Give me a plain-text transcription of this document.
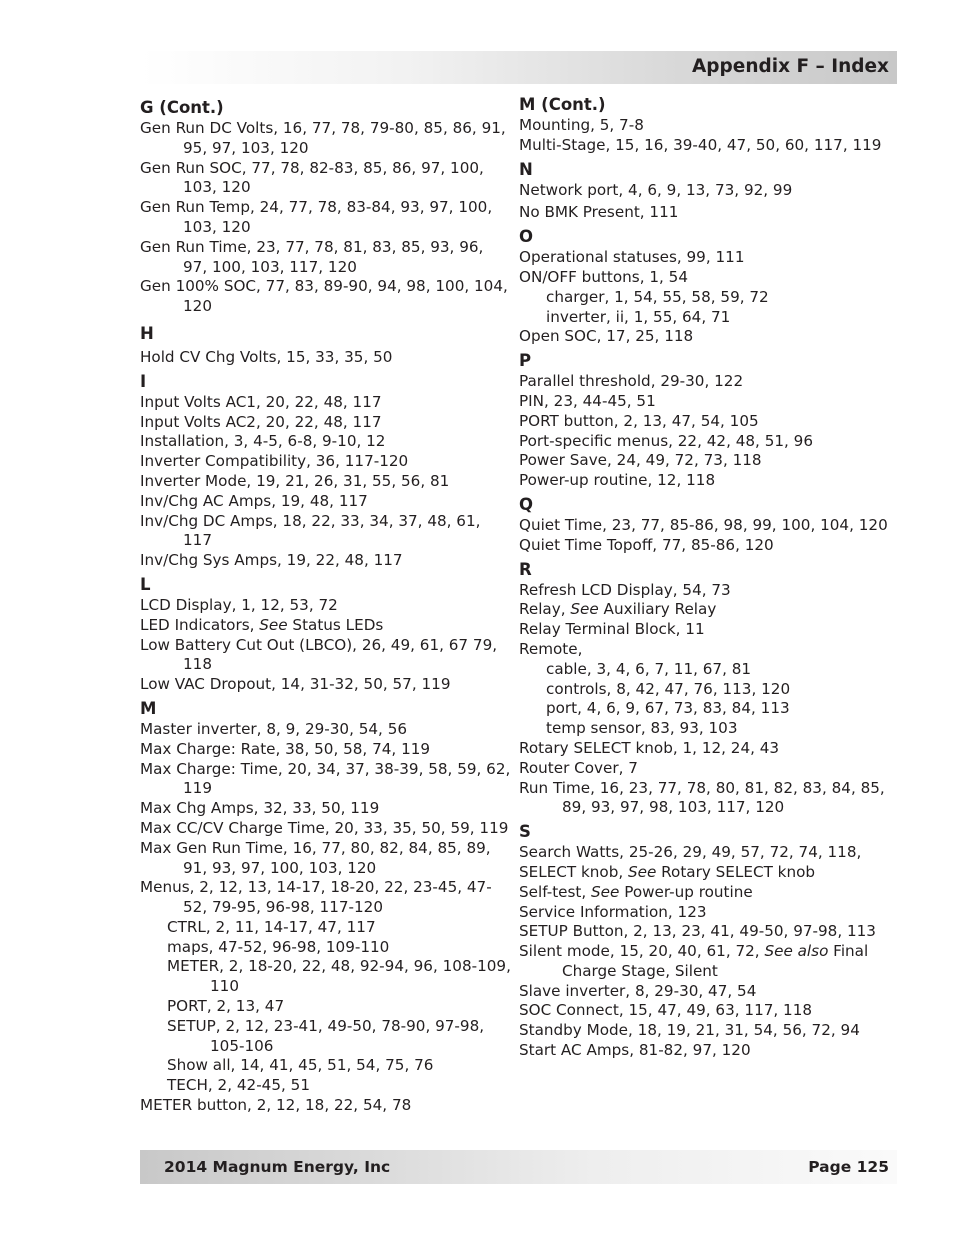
Appendix F – Index
G (Cont.)
Gen Run DC Volts, 16, 77, 78, 79-80, 85, 86, 91, 95, 97, 103, 120
Gen Run SOC, 77, 78, 82-83, 85, 86, 97, 100, 103, 120
Gen Run Temp, 24, 77, 78, 83-84, 93, 97, 100, 103, 120
Gen Run Time, 23, 77, 78, 81, 83, 85, 93, 96, 97, 100, 103, 117, 120
Gen 100% SOC, 77, 83, 89-90, 94, 98, 100, 104, 120
H
Hold CV Chg Volts, 15, 33, 35, 50
I
Input Volts AC1, 20, 22, 48, 117
Input Volts AC2, 20, 22, 48, 117
Installation, 3, 4-5, 6-8, 9-10, 12
Inverter Compatibility, 36, 117-120
Inverter Mode, 19, 21, 26, 31, 55, 56, 81
Inv/Chg AC Amps, 19, 48, 117
Inv/Chg DC Amps, 18, 22, 33, 34, 37, 48, 61, 117
Inv/Chg Sys Amps, 19, 22, 48, 117
L
LCD Display, 1, 12, 53, 72
LED Indicators, See Status LEDs
Low Battery Cut Out (LBCO), 26, 49, 61, 67 79, 118
Low VAC Dropout, 14, 31-32, 50, 57, 119
M
Master inverter, 8, 9, 29-30, 54, 56
Max Charge: Rate, 38, 50, 58, 74, 119
Max Charge: Time, 20, 34, 37, 38-39, 58, 59, 62, 119
Max Chg Amps, 32, 33, 50, 119
Max CC/CV Charge Time, 20, 33, 35, 50, 59, 119
Max Gen Run Time, 16, 77, 80, 82, 84, 85, 89, 91, 93, 97, 100, 103, 120
Menus, 2, 12, 13, 14-17, 18-20, 22, 23-45, 47-52, 79-95, 96-98, 117-120
CTRL, 2, 11, 14-17, 47, 117
maps, 47-52, 96-98, 109-110
METER, 2, 18-20, 22, 48, 92-94, 96, 108-109, 110
PORT, 2, 13, 47
SETUP, 2, 12, 23-41, 49-50, 78-90, 97-98, 105-106
Show all, 14, 41, 45, 51, 54, 75, 76
TECH, 2, 42-45, 51
METER button, 2, 12, 18, 22, 54, 78
M (Cont.)
Mounting, 5, 7-8
Multi-Stage, 15, 16, 39-40, 47, 50, 60, 117, 119
N
Network port, 4, 6, 9, 13, 73, 92, 99
No BMK Present, 111
O
Operational statuses, 99, 111
ON/OFF buttons, 1, 54
charger, 1, 54, 55, 58, 59, 72
inverter, ii, 1, 55, 64, 71
Open SOC, 17, 25, 118
P
Parallel threshold, 29-30, 122
PIN, 23, 44-45, 51
PORT button, 2, 13, 47, 54, 105
Port-specific menus, 22, 42, 48, 51, 96
Power Save, 24, 49, 72, 73, 118
Power-up routine, 12, 118
Q
Quiet Time, 23, 77, 85-86, 98, 99, 100, 104, 120
Quiet Time Topoff, 77, 85-86, 120
R
Refresh LCD Display, 54, 73
Relay, See Auxiliary Relay
Relay Terminal Block, 11
Remote,
cable, 3, 4, 6, 7, 11, 67, 81
controls, 8, 42, 47, 76, 113, 120
port, 4, 6, 9, 67, 73, 83, 84, 113
temp sensor, 83, 93, 103
Rotary SELECT knob, 1, 12, 24, 43
Router Cover, 7
Run Time, 16, 23, 77, 78, 80, 81, 82, 83, 84, 85, 89, 93, 97, 98, 103, 117, 120
S
Search Watts, 25-26, 29, 49, 57, 72, 74, 118,
SELECT knob, See Rotary SELECT knob
Self-test, See Power-up routine
Service Information, 123
SETUP Button, 2, 13, 23, 41, 49-50, 97-98, 113
Silent mode, 15, 20, 40, 61, 72, See also Final Charge Stage, Silent
Slave inverter, 8, 29-30, 47, 54
SOC Connect, 15, 47, 49, 63, 117, 118
Standby Mode, 18, 19, 21, 31, 54, 56, 72, 94
Start AC Amps, 81-82, 97, 120
2014 Magnum Energy, Inc	Page 125
